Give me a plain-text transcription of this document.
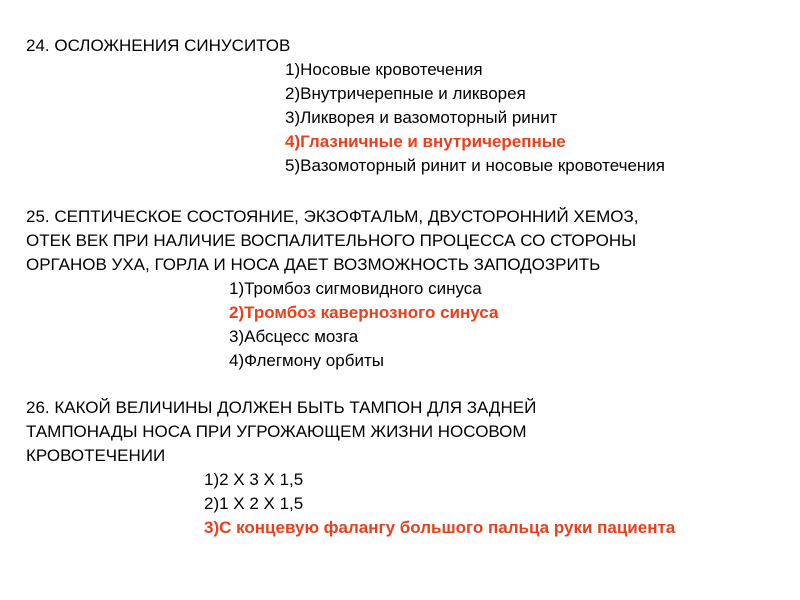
24. ОСЛОЖНЕНИЯ СИНУСИТОВ
1)Носовые кровотечения
2)Внутричерепные и ликворея
3)Ликворея и вазомоторный ринит
4)Глазничные и внутричерепные
5)Вазомоторный ринит и носовые кровотечения
25. СЕПТИЧЕСКОЕ СОСТОЯНИЕ, ЭКЗОФТАЛЬМ, ДВУСТОРОННИЙ ХЕМОЗ,
ОТЕК ВЕК ПРИ НАЛИЧИЕ ВОСПАЛИТЕЛЬНОГО ПРОЦЕССА СО СТОРОНЫ
ОРГАНОВ УХА, ГОРЛА И НОСА ДАЕТ ВОЗМОЖНОСТЬ ЗАПОДОЗРИТЬ
1)Тромбоз сигмовидного синуса
2)Тромбоз кавернозного синуса
3)Абсцесс мозга
4)Флегмону орбиты
26. КАКОЙ ВЕЛИЧИНЫ ДОЛЖЕН БЫТЬ ТАМПОН ДЛЯ ЗАДНЕЙ
ТАМПОНАДЫ НОСА ПРИ УГРОЖАЮЩЕМ ЖИЗНИ НОСОВОМ
КРОВОТЕЧЕНИИ
1)2 Х 3 Х 1,5
2)1 Х 2 Х 1,5
3)С концевую фалангу большого пальца руки пациента
